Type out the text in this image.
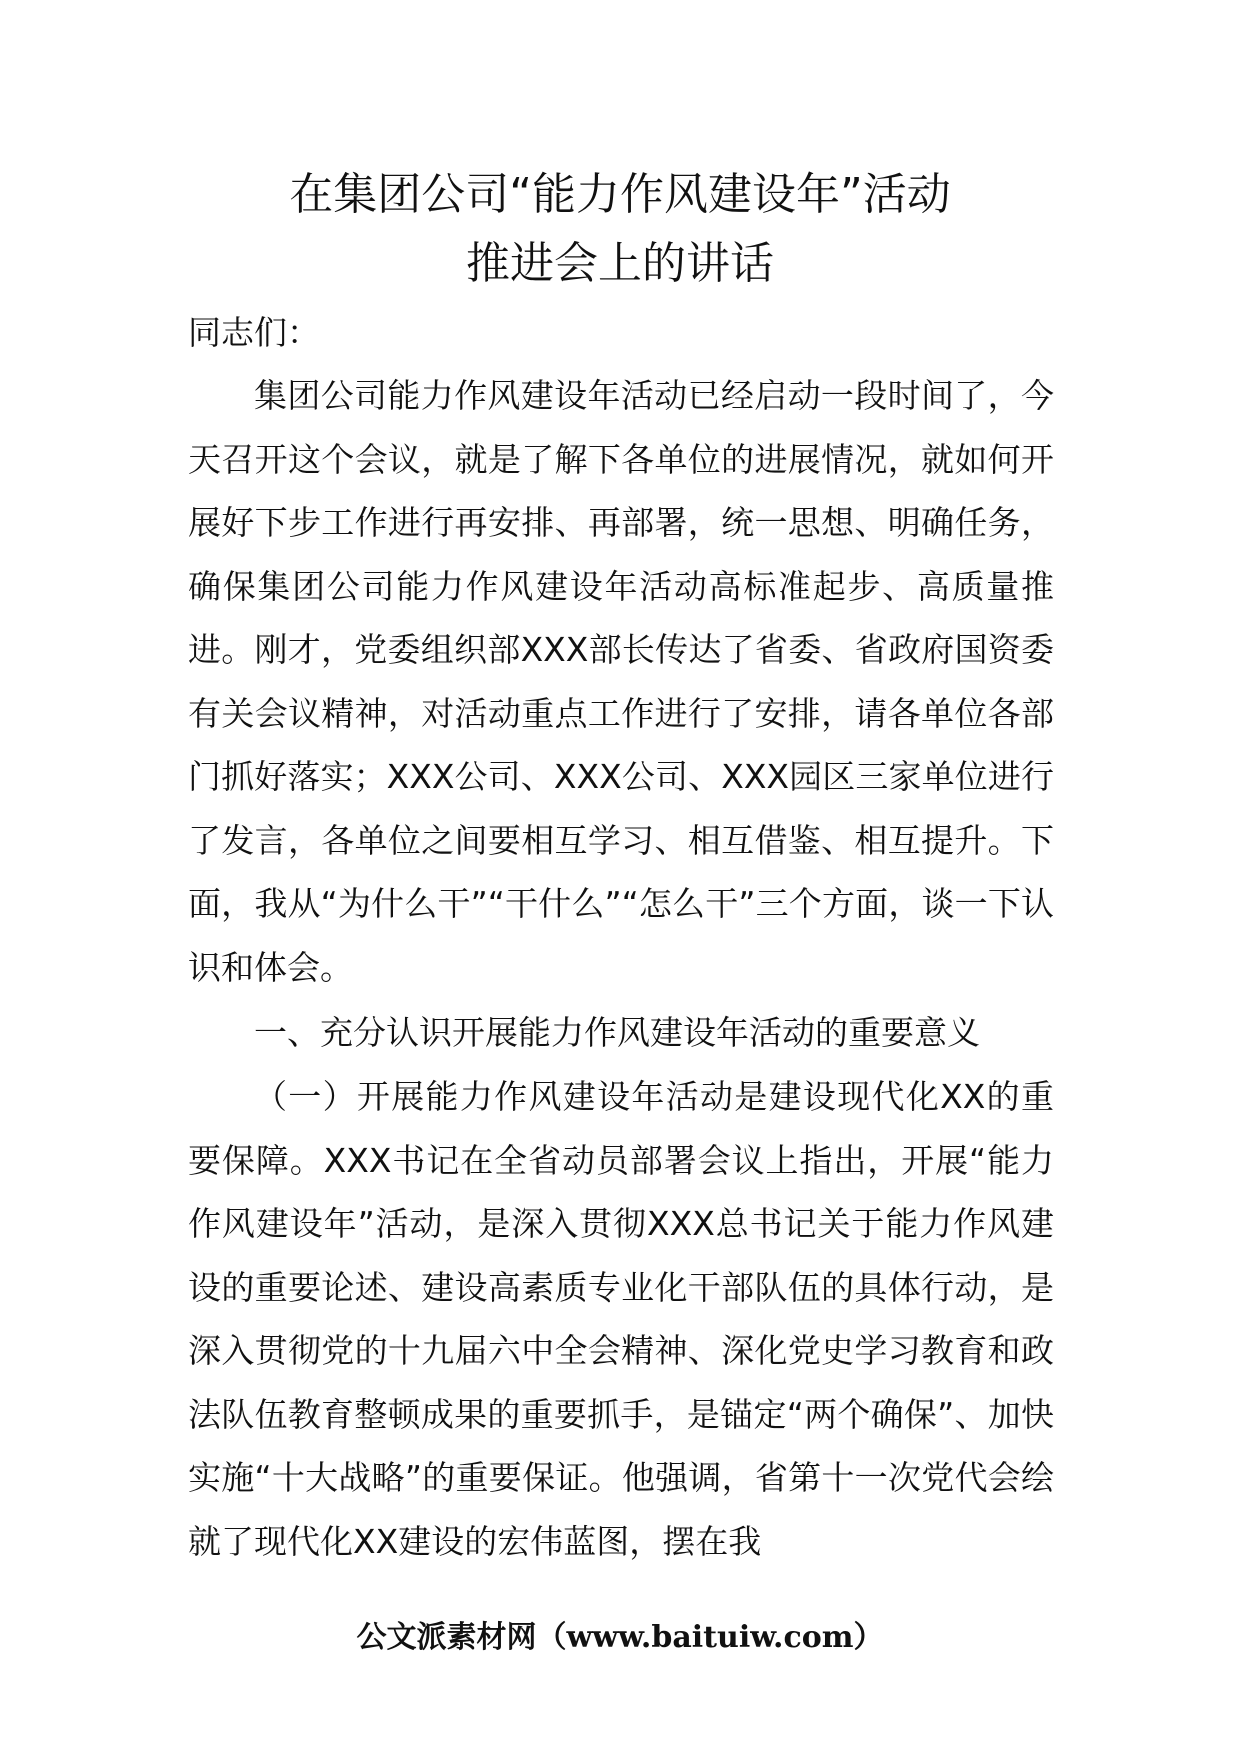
在集团公司“能力作风建设年”活动
推进会上的讲话

同志们：

集团公司能力作风建设年活动已经启动一段时间了，今天召开这个会议，就是了解下各单位的进展情况，就如何开展好下步工作进行再安排、再部署，统一思想、明确任务，确保集团公司能力作风建设年活动高标准起步、高质量推进。刚才，党委组织部XXX部长传达了省委、省政府国资委有关会议精神，对活动重点工作进行了安排，请各单位各部门抓好落实；XXX公司、XXX公司、XXX园区三家单位进行了发言，各单位之间要相互学习、相互借鉴、相互提升。下面，我从“为什么干”“干什么”“怎么干”三个方面，谈一下认识和体会。

一、充分认识开展能力作风建设年活动的重要意义

（一）开展能力作风建设年活动是建设现代化XX的重要保障。XXX书记在全省动员部署会议上指出，开展“能力作风建设年”活动，是深入贯彻XXX总书记关于能力作风建设的重要论述、建设高素质专业化干部队伍的具体行动，是深入贯彻党的十九届六中全会精神、深化党史学习教育和政法队伍教育整顿成果的重要抓手，是锚定“两个确保”、加快实施“十大战略”的重要保证。他强调，省第十一次党代会绘就了现代化XX建设的宏伟蓝图，摆在我

公文派素材网（www.baituiw.com）
